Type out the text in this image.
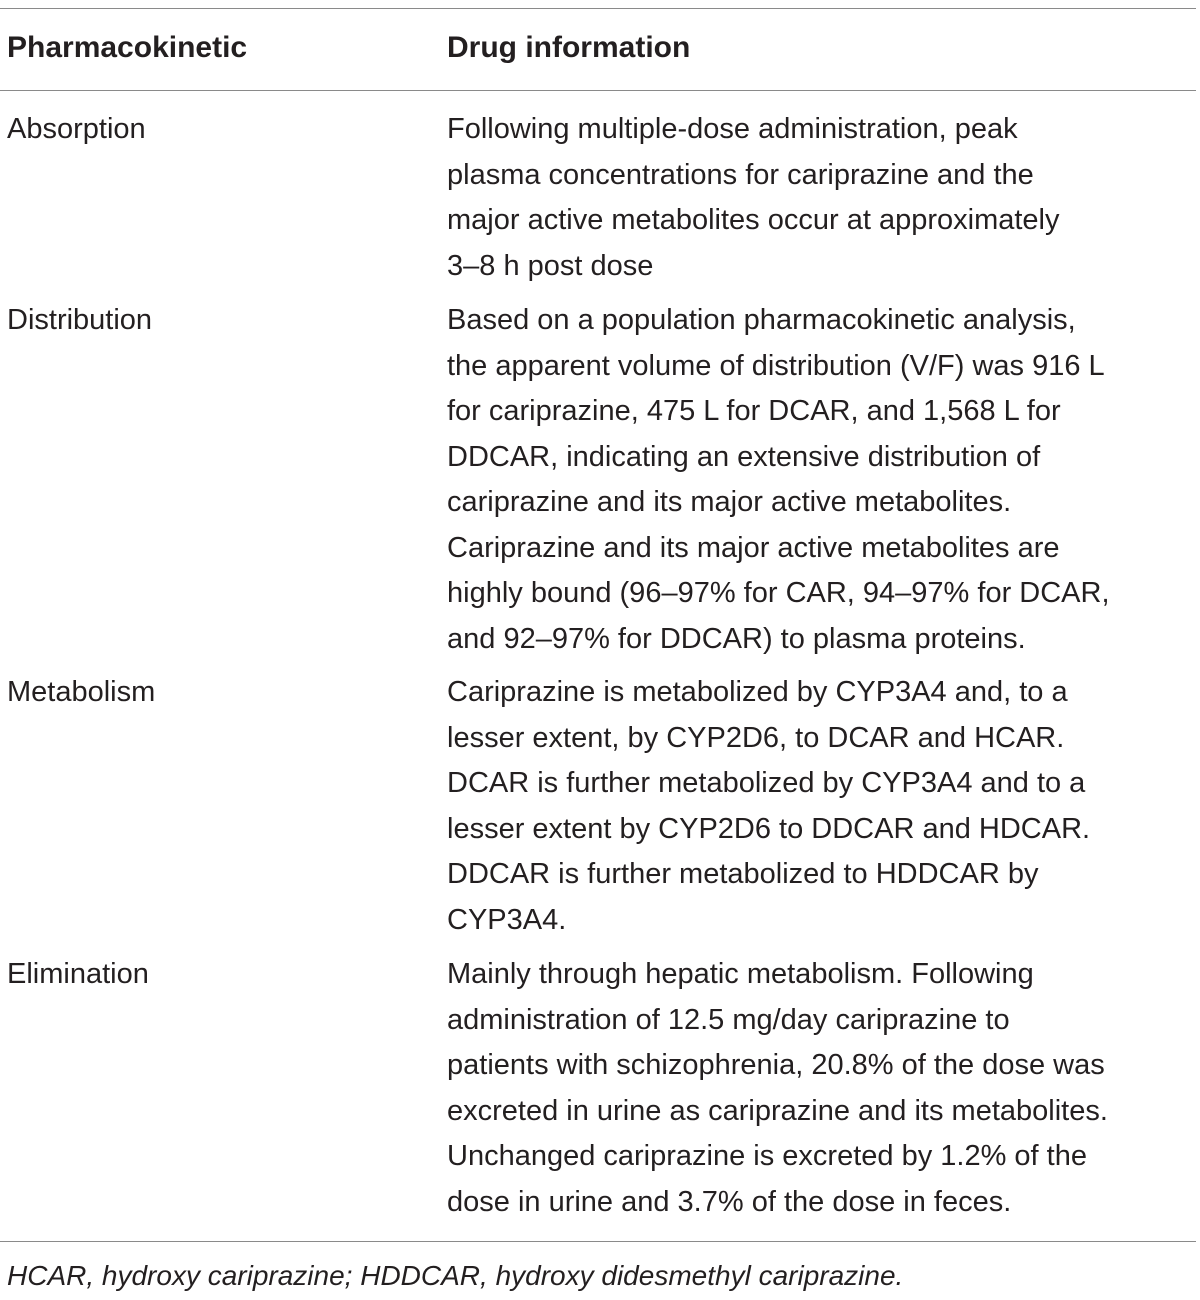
Pharmacokinetic	Drug information
Absorption	Following multiple-dose administration, peak
plasma concentrations for cariprazine and the
major active metabolites occur at approximately
3–8 h post dose
Distribution	Based on a population pharmacokinetic analysis,
the apparent volume of distribution (V/F) was 916 L
for cariprazine, 475 L for DCAR, and 1,568 L for
DDCAR, indicating an extensive distribution of
cariprazine and its major active metabolites.
Cariprazine and its major active metabolites are
highly bound (96–97% for CAR, 94–97% for DCAR,
and 92–97% for DDCAR) to plasma proteins.
Metabolism	Cariprazine is metabolized by CYP3A4 and, to a
lesser extent, by CYP2D6, to DCAR and HCAR.
DCAR is further metabolized by CYP3A4 and to a
lesser extent by CYP2D6 to DDCAR and HDCAR.
DDCAR is further metabolized to HDDCAR by
CYP3A4.
Elimination	Mainly through hepatic metabolism. Following
administration of 12.5 mg/day cariprazine to
patients with schizophrenia, 20.8% of the dose was
excreted in urine as cariprazine and its metabolites.
Unchanged cariprazine is excreted by 1.2% of the
dose in urine and 3.7% of the dose in feces.
HCAR, hydroxy cariprazine; HDDCAR, hydroxy didesmethyl cariprazine.
